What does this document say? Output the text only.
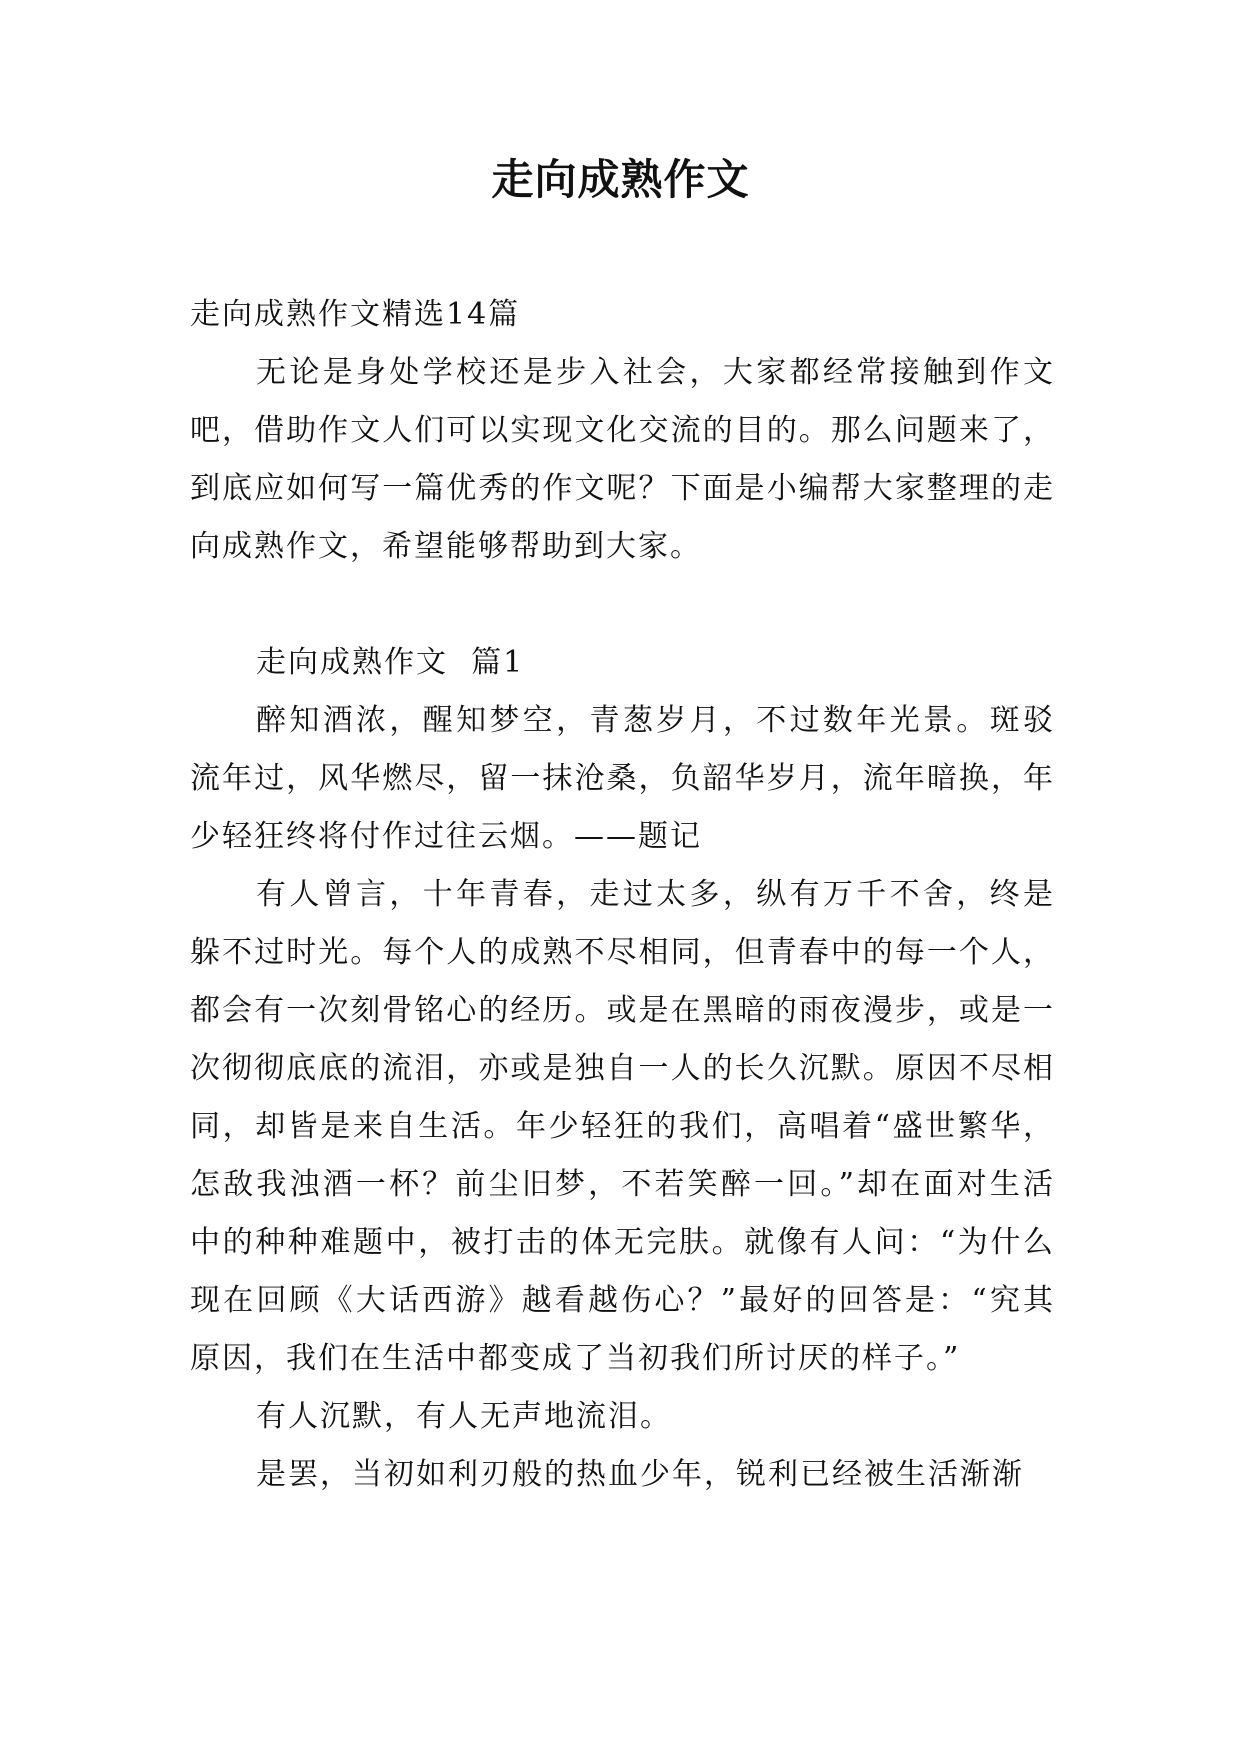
走向成熟作文

走向成熟作文精选14篇

无论是身处学校还是步入社会，大家都经常接触到作文吧，借助作文人们可以实现文化交流的目的。那么问题来了，到底应如何写一篇优秀的作文呢？下面是小编帮大家整理的走向成熟作文，希望能够帮助到大家。

走向成熟作文  篇1

醉知酒浓，醒知梦空，青葱岁月，不过数年光景。斑驳流年过，风华燃尽，留一抹沧桑，负韶华岁月，流年暗换，年少轻狂终将付作过往云烟。——题记

有人曾言，十年青春，走过太多，纵有万千不舍，终是躲不过时光。每个人的成熟不尽相同，但青春中的每一个人，都会有一次刻骨铭心的经历。或是在黑暗的雨夜漫步，或是一次彻彻底底的流泪，亦或是独自一人的长久沉默。原因不尽相同，却皆是来自生活。年少轻狂的我们，高唱着“盛世繁华，怎敌我浊酒一杯？前尘旧梦，不若笑醉一回。”却在面对生活中的种种难题中，被打击的体无完肤。就像有人问：“为什么现在回顾《大话西游》越看越伤心？”最好的回答是：“究其原因，我们在生活中都变成了当初我们所讨厌的样子。”

有人沉默，有人无声地流泪。

是罢，当初如利刃般的热血少年，锐利已经被生活渐渐
